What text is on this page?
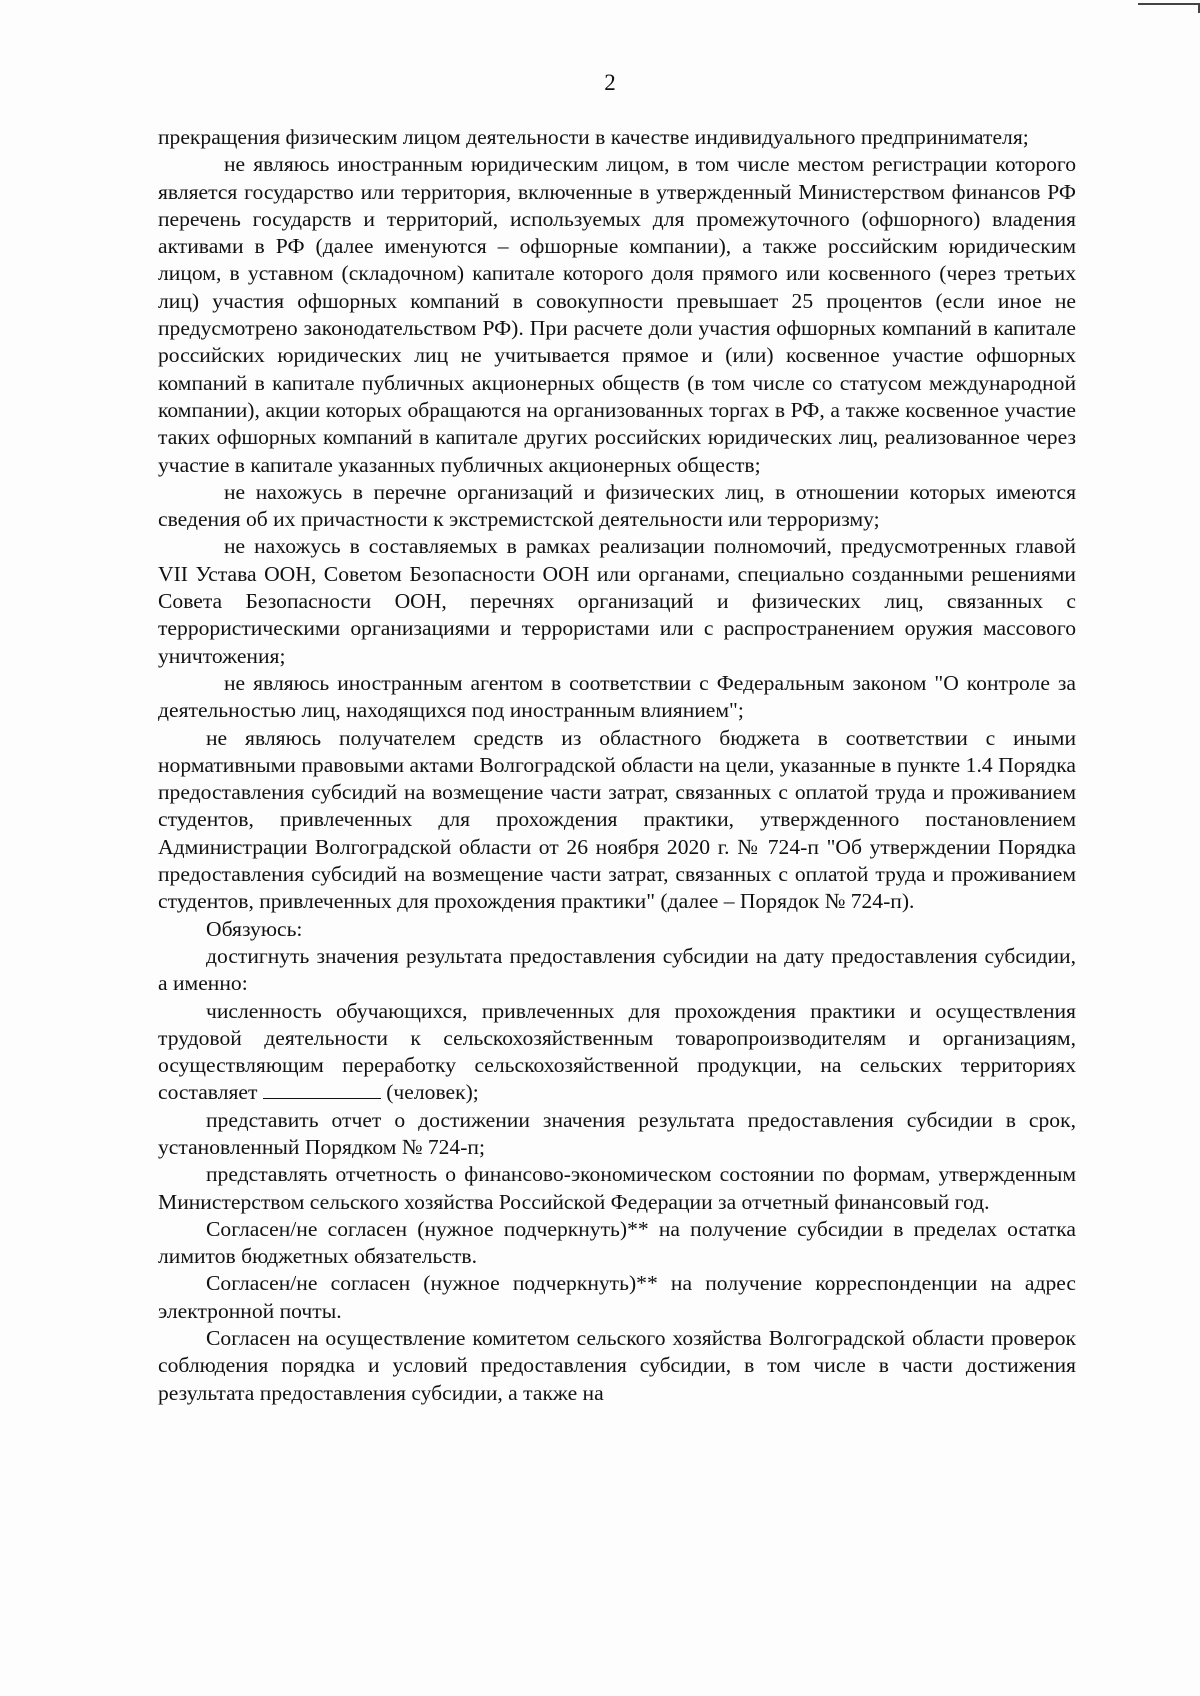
2

прекращения физическим лицом деятельности в качестве индивидуального предпринимателя;

не являюсь иностранным юридическим лицом, в том числе местом регистрации которого является государство или территория, включенные в утвержденный Министерством финансов РФ перечень государств и территорий, используемых для промежуточного (офшорного) владения активами в РФ (далее именуются – офшорные компании), а также российским юридическим лицом, в уставном (складочном) капитале которого доля прямого или косвенного (через третьих лиц) участия офшорных компаний в совокупности превышает 25 процентов (если иное не предусмотрено законодательством РФ). При расчете доли участия офшорных компаний в капитале российских юридических лиц не учитывается прямое и (или) косвенное участие офшорных компаний в капитале публичных акционерных обществ (в том числе со статусом международной компании), акции которых обращаются на организованных торгах в РФ, а также косвенное участие таких офшорных компаний в капитале других российских юридических лиц, реализованное через участие в капитале указанных публичных акционерных обществ;

не нахожусь в перечне организаций и физических лиц, в отношении которых имеются сведения об их причастности к экстремистской деятельности или терроризму;

не нахожусь в составляемых в рамках реализации полномочий, предусмотренных главой VII Устава ООН, Советом Безопасности ООН или органами, специально созданными решениями Совета Безопасности ООН, перечнях организаций и физических лиц, связанных с террористическими организациями и террористами или с распространением оружия массового уничтожения;

не являюсь иностранным агентом в соответствии с Федеральным законом "О контроле за деятельностью лиц, находящихся под иностранным влиянием";

не являюсь получателем средств из областного бюджета в соответствии с иными нормативными правовыми актами Волгоградской области на цели, указанные в пункте 1.4 Порядка предоставления субсидий на возмещение части затрат, связанных с оплатой труда и проживанием студентов, привлеченных для прохождения практики, утвержденного постановлением Администрации Волгоградской области от 26 ноября 2020 г. № 724-п "Об утверждении Порядка предоставления субсидий на возмещение части затрат, связанных с оплатой труда и проживанием студентов, привлеченных для прохождения практики" (далее – Порядок № 724-п).

Обязуюсь:

достигнуть значения результата предоставления субсидии на дату предоставления субсидии, а именно:

численность обучающихся, привлеченных для прохождения практики и осуществления трудовой деятельности к сельскохозяйственным товаропроизводителям и организациям, осуществляющим переработку сельскохозяйственной продукции, на сельских территориях составляет	(человек);

представить отчет о достижении значения результата предоставления субсидии в срок, установленный Порядком № 724-п;

представлять отчетность о финансово-экономическом состоянии по формам, утвержденным Министерством сельского хозяйства Российской Федерации за отчетный финансовый год.

Согласен/не согласен (нужное подчеркнуть)** на получение субсидии в пределах остатка лимитов бюджетных обязательств.

Согласен/не согласен (нужное подчеркнуть)** на получение корреспонденции на адрес электронной почты.

Согласен на осуществление комитетом сельского хозяйства Волгоградской области проверок соблюдения порядка и условий предоставления субсидии, в том числе в части достижения результата предоставления субсидии, а также на
